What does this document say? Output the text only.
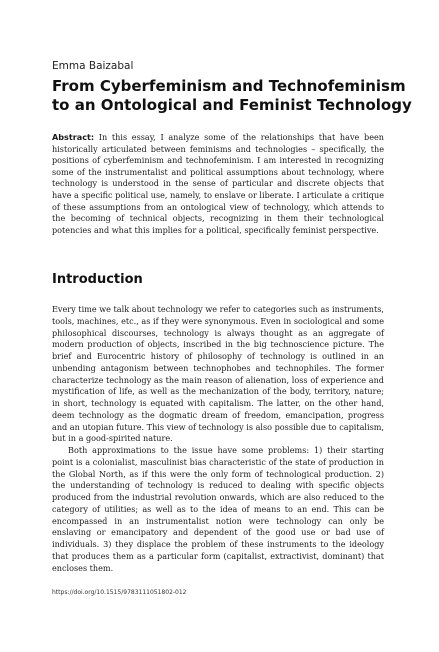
Emma Baizabal
From Cyberfeminism and Technofeminism
to an Ontological and Feminist Technology
Abstract: In this essay, I analyze some of the relationships that have been historically articulated between feminisms and technologies – specifically, the positions of cyberfeminism and technofeminism. I am interested in recognizing some of the instrumentalist and political assumptions about technology, where technology is understood in the sense of particular and discrete objects that have a specific political use, namely, to enslave or liberate. I articulate a critique of these assumptions from an ontological view of technology, which attends to the becoming of technical objects, recognizing in them their technological potencies and what this implies for a political, specifically feminist perspective.
Introduction

Every time we talk about technology we refer to categories such as instruments, tools, machines, etc., as if they were synonymous. Even in sociological and some philosophical discourses, technology is always thought as an aggregate of modern production of objects, inscribed in the big technoscience picture. The brief and Eurocentric history of philosophy of technology is outlined in an unbending antagonism between technophobes and technophiles. The former characterize technology as the main reason of alienation, loss of experience and mystification of life, as well as the mechanization of the body, territory, nature; in short, technology is equated with capitalism. The latter, on the other hand, deem technology as the dogmatic dream of freedom, emancipation, progress and an utopian future. This view of technology is also possible due to capitalism, but in a good-spirited nature.

Both approximations to the issue have some problems: 1) their starting point is a colonialist, masculinist bias characteristic of the state of production in the Global North, as if this were the only form of technological production. 2) the understanding of technology is reduced to dealing with specific objects produced from the industrial revolution onwards, which are also reduced to the category of utilities; as well as to the idea of means to an end. This can be encompassed in an instrumentalist notion were technology can only be enslaving or emancipatory and dependent of the good use or bad use of individuals. 3) they displace the problem of these instruments to the ideology that produces them as a particular form (capitalist, extractivist, dominant) that encloses them.

https://doi.org/10.1515/9783111051802-012
